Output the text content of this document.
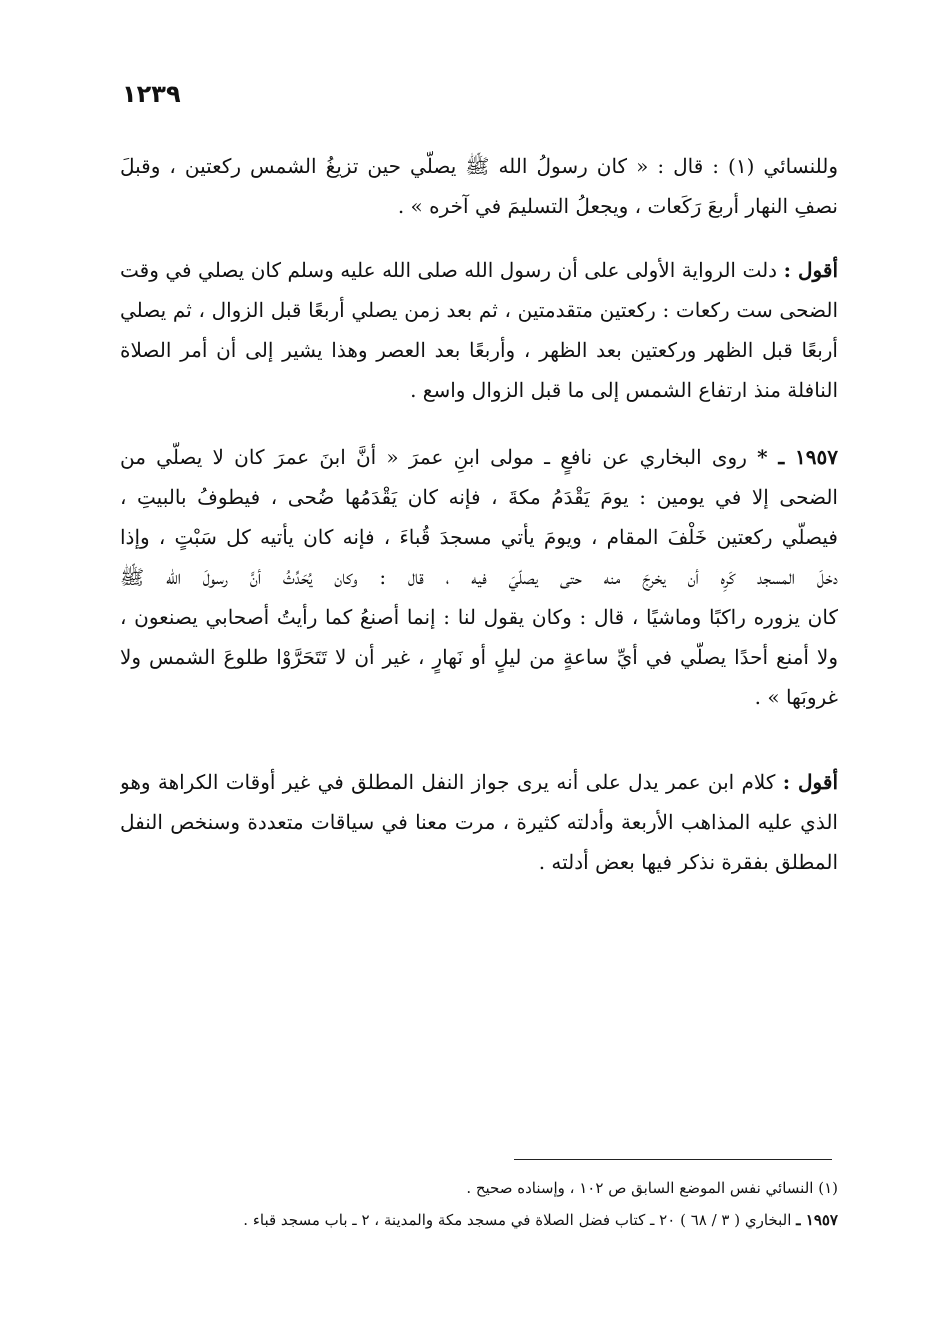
١٢٣٩
وللنسائي (١) : قال : « كان رسولُ الله ﷺ يصلّي حين تزيغُ الشمس ركعتين ، وقبلَ
نصفِ النهار أربعَ رَكَعات ، ويجعلُ التسليمَ في آخره » .
أقول : دلت الرواية الأولى على أن رسول الله صلى الله عليه وسلم كان يصلي في وقت
الضحى ست ركعات : ركعتين متقدمتين ، ثم بعد زمن يصلي أربعًا قبل الزوال ، ثم يصلي
أربعًا قبل الظهر وركعتين بعد الظهر ، وأربعًا بعد العصر وهذا يشير إلى أن أمر الصلاة
النافلة منذ ارتفاع الشمس إلى ما قبل الزوال واسع .
١٩٥٧ ـ * روى البخاري عن نافعٍ ـ مولى ابنِ عمرَ « أنَّ ابنَ عمرَ كان لا يصلّي من
الضحى إلا في يومين : يومَ يَقْدَمُ مكةَ ، فإنه كان يَقْدَمُها ضُحى ، فيطوفُ بالبيتِ ،
فيصلّي ركعتين خَلْفَ المقام ، ويومَ يأتي مسجدَ قُباءَ ، فإنه كان يأتيه كل سَبْتٍ ، وإذا
دخلَ المسجد كَرِه أن يخرجَ منه حتى يصلّيَ فيه ، قال : وكان يُحَدِّثُ أنَّ رسولَ الله ﷺ
كان يزوره راكبًا وماشيًا ، قال : وكان يقول لنا : إنما أصنعُ كما رأيتُ أصحابي يصنعون ،
ولا أمنع أحدًا يصلّي في أيِّ ساعةٍ من ليلٍ أو نَهارٍ ، غير أن لا تَتَحَرَّوْا طلوعَ الشمس ولا
غروبَها » .
أقول : كلام ابن عمر يدل على أنه يرى جواز النفل المطلق في غير أوقات الكراهة وهو
الذي عليه المذاهب الأربعة وأدلته كثيرة ، مرت معنا في سياقات متعددة وسنخص النفل
المطلق بفقرة نذكر فيها بعض أدلته .
(١) النسائي نفس الموضع السابق ص ١٠٢ ، وإسناده صحيح .
١٩٥٧ ـ البخاري ( ٣ / ٦٨ ) ٢٠ ـ كتاب فضل الصلاة في مسجد مكة والمدينة ، ٢ ـ باب مسجد قباء .
